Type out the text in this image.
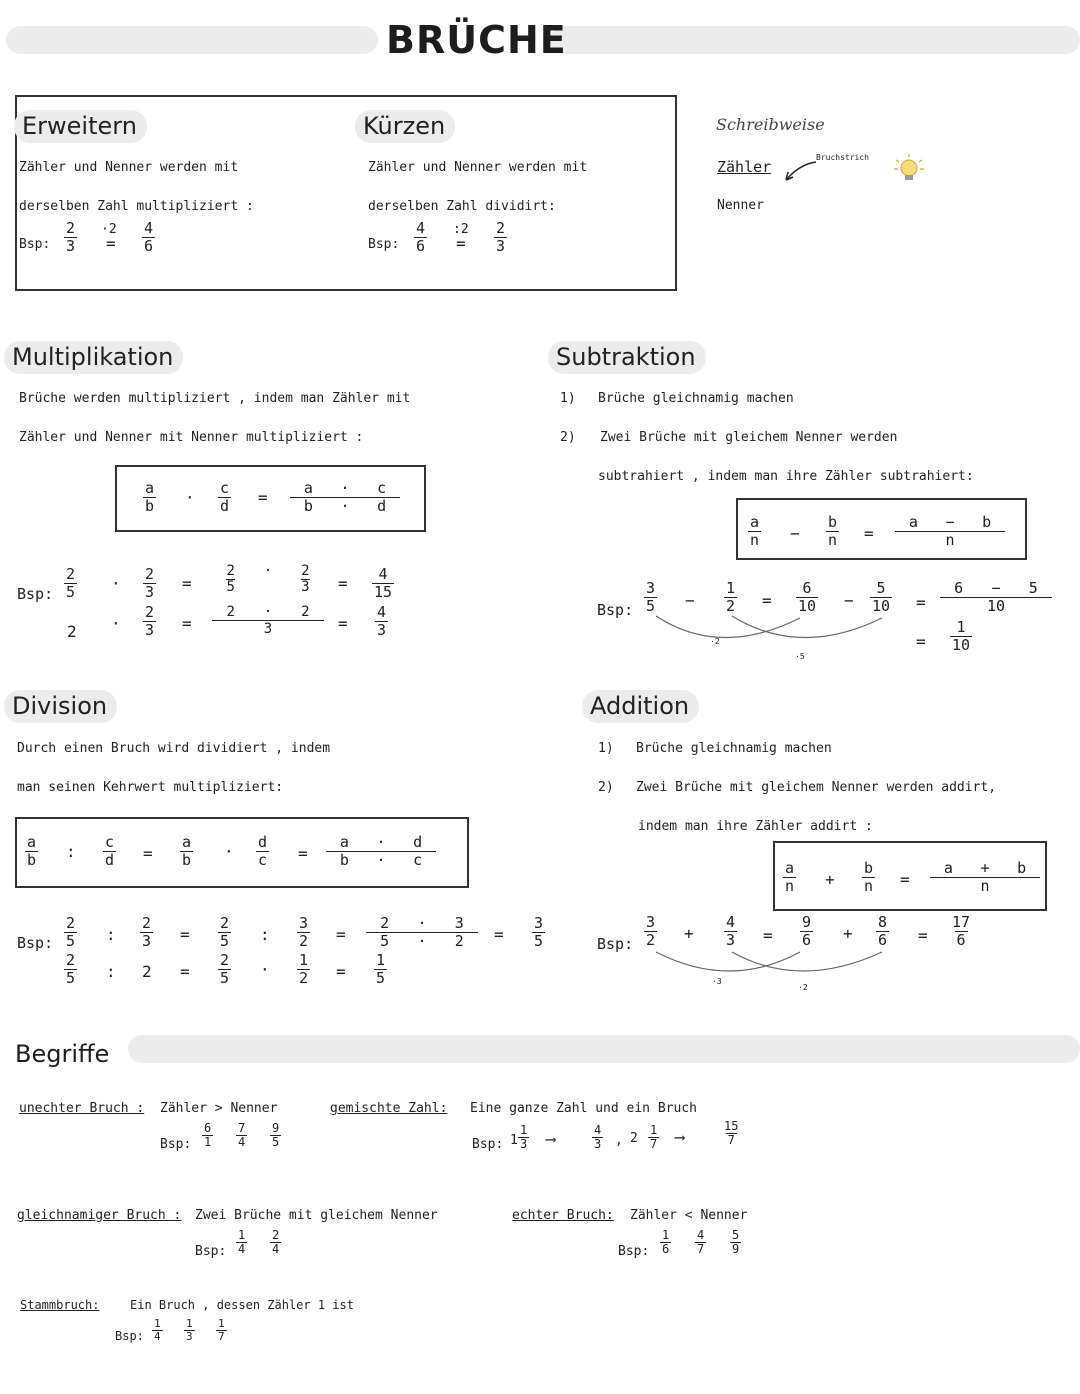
BRÜCHE
Erweitern
Zähler und Nenner werden mit
derselben Zahl multipliziert :
Bsp: $\frac{2}{3} \cdot 2$
= $\frac{4}{6}$
Kürzen
Zähler und Nenner werden mit
derselben Zahl dividirt:
Bsp: $\frac{4}{6}$ :2
= $\frac{2}{3}$
Schreibweise
Zähler
Nenner
Bruchstrich
Multiplikation
Brüche werden multipliziert , indem man Zähler mit
Zähler und Nenner mit Nenner multipliziert :
$\frac{a}{b} \cdot \frac{c}{d} = a \cdot c$
b · d
Bsp: $\frac{2}{5} \cdot \frac{2}{3}$ =
2
5
· 2
$3 = \frac{4}{15}$
$2 \cdot \frac{2}{3}$ =
2 · 2
3	= $\frac{4}{3}$
Subtraktion
1) Brüche gleichnamig machen
2) Zwei Brüche mit gleichem Nenner werden
subtrahiert , indem man ihre Zähler subtrahiert:
$\frac{a}{n} - \frac{b}{n}$ =
a − b
n
Bsp: $\frac{3}{5} - \frac{1}{2} = \frac{6}{10} - \frac{5}{10}$ =
6 − 5
10
= $\frac{1}{10}$
·2
·5
Division
Durch einen Bruch wird dividiert , indem
man seinen Kehrwert multipliziert:
$\frac{a}{b}$ : $\frac{c}{d} = \frac{a}{b} \cdot \frac{d}{c}$ =
a · d
b · c
Bsp: $\frac{2}{5}$ : $\frac{2}{3} = \frac{2}{5}$ : $\frac{3}{2}$ =
2 · 3
$5 \cdot 2 = \frac{3}{5}$
$\frac{2}{5}$ : $2 = \frac{2}{5} \cdot \frac{1}{2} = \frac{1}{5}$
Addition
1) Brüche gleichnamig machen
2) Zwei Brüche mit gleichem Nenner werden addirt,
indem man ihre Zähler addirt :
$\frac{a}{n} + \frac{b}{n}$ =
a + b
n
Bsp: $\frac{3}{2} + \frac{4}{3} = \frac{9}{6} + \frac{8}{6} = \frac{17}{6}$
·3
·2
Begriffe
unechter Bruch : Zähler > Nenner
Bsp: $\frac{6}{1} \frac{7}{4} \frac{9}{5}$
gemischte Zahl: Eine ganze Zahl und ein Bruch
Bsp: $1 \frac{1}{3}$ ⟶	$\frac{4}{3}$ , $2 \frac{1}{7}$ ⟶	$\frac{15}{7}$
gleichnamiger Bruch : Zwei Brüche mit gleichem Nenner
Bsp: $\frac{1}{4} \frac{2}{4}$
echter Bruch: Zähler < Nenner
Bsp: $\frac{1}{6} \frac{4}{7} \frac{5}{9}$
Stammbruch:	Ein Bruch , dessen Zähler 1 ist
Bsp: $\frac{1}{4} \frac{1}{3} \frac{1}{7}$
